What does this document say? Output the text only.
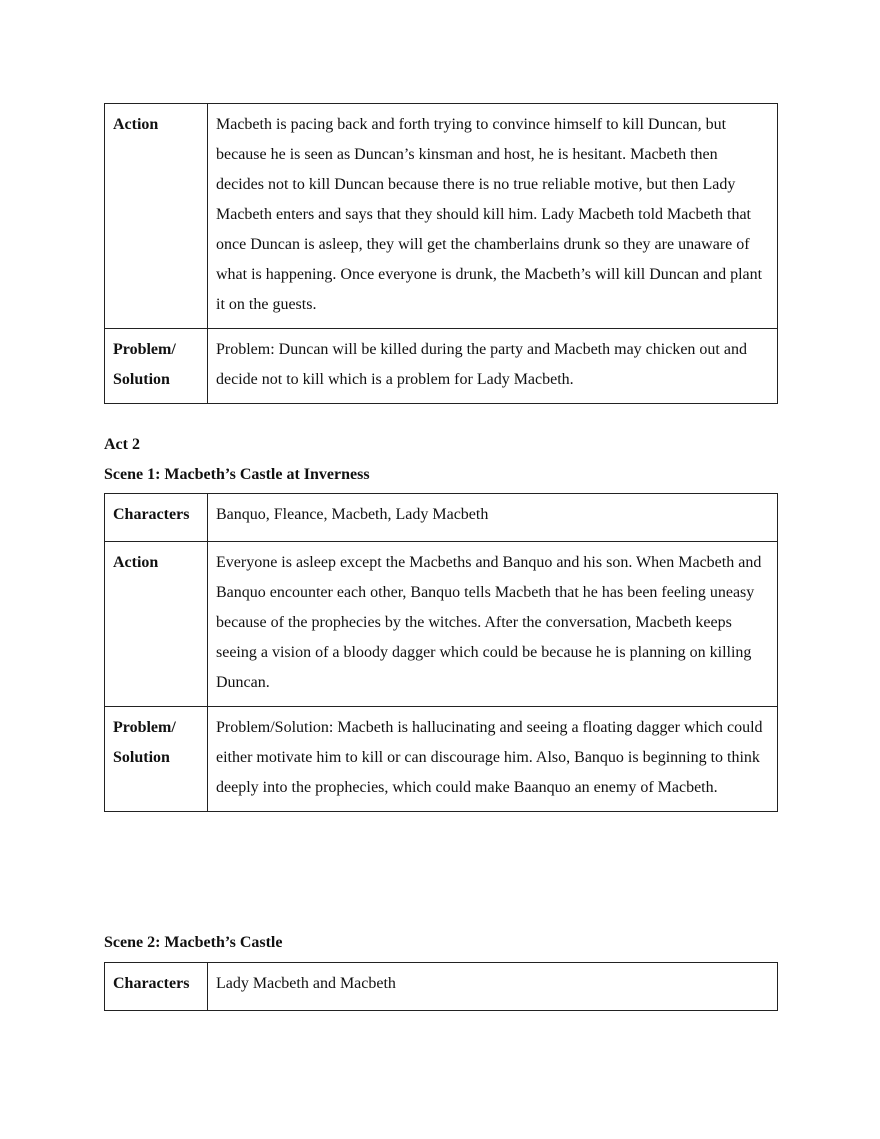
Action	Macbeth is pacing back and forth trying to convince himself to kill Duncan, but because he is seen as Duncan’s kinsman and host, he is hesitant. Macbeth then decides not to kill Duncan because there is no true reliable motive, but then Lady Macbeth enters and says that they should kill him. Lady Macbeth told Macbeth that once Duncan is asleep, they will get the chamberlains drunk so they are unaware of what is happening. Once everyone is drunk, the Macbeth’s will kill Duncan and plant it on the guests.

Problem/
Solution	Problem: Duncan will be killed during the party and Macbeth may chicken out and decide not to kill which is a problem for Lady Macbeth.
Act 2
Scene 1: Macbeth’s Castle at Inverness
Characters	Banquo, Fleance, Macbeth, Lady Macbeth
Action	Everyone is asleep except the Macbeths and Banquo and his son. When Macbeth and Banquo encounter each other, Banquo tells Macbeth that he has been feeling uneasy because of the prophecies by the witches. After the conversation, Macbeth keeps seeing a vision of a bloody dagger which could be because he is planning on killing Duncan.

Problem/
Solution	Problem/Solution: Macbeth is hallucinating and seeing a floating dagger which could either motivate him to kill or can discourage him. Also, Banquo is beginning to think deeply into the prophecies, which could make Baanquo an enemy of Macbeth.
Scene 2: Macbeth’s Castle
Characters	Lady Macbeth and Macbeth
